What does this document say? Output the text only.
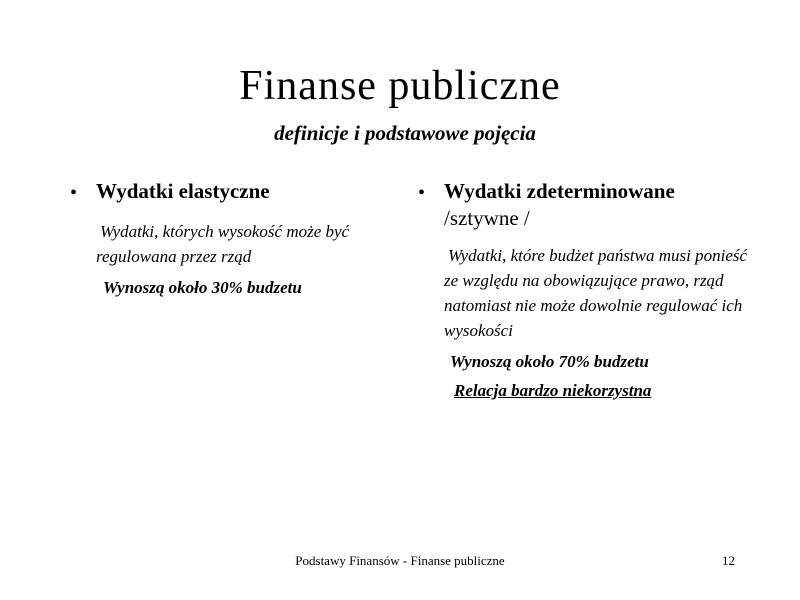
Finanse publiczne
definicje i podstawowe pojęcia
• Wydatki elastyczne
Wydatki, których wysokość może być regulowana przez rząd
Wynoszą około 30% budzetu
• Wydatki zdeterminowane
/sztywne /
Wydatki, które budżet państwa musi ponieść ze względu na obowiązujące prawo, rząd natomiast nie może dowolnie regulować ich wysokości
Wynoszą około 70% budzetu
Relacja bardzo niekorzystna
Podstawy Finansów - Finanse publiczne	12
